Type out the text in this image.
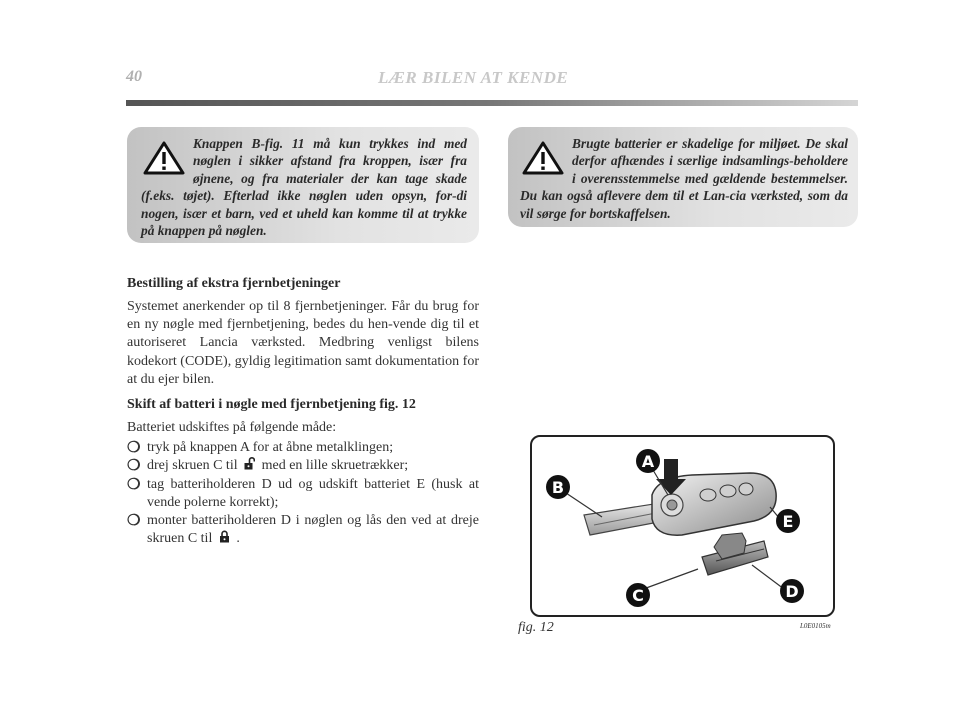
40	LÆR BILEN AT KENDE
Knappen B-fig. 11 må kun trykkes ind med nøglen i sikker afstand fra kroppen, især fra øjnene, og fra materialer der kan tage skade (f.eks. tøjet). Efterlad ikke nøglen uden opsyn, for-di nogen, især et barn, ved et uheld kan komme til at trykke på knappen på nøglen.
Brugte batterier er skadelige for miljøet. De skal derfor afhændes i særlige indsamlings-beholdere i overensstemmelse med gældende bestemmelser. Du kan også aflevere dem til et Lan-cia værksted, som da vil sørge for bortskaffelsen.
Bestilling af ekstra fjernbetjeninger
Systemet anerkender op til 8 fjernbetjeninger. Får du brug for en ny nøgle med fjernbetjening, bedes du hen-vende dig til et autoriseret Lancia værksted. Medbring venligst bilens kodekort (CODE), gyldig legitimation samt dokumentation for at du ejer bilen.
Skift af batteri i nøgle med fjernbetjening fig. 12
Batteriet udskiftes på følgende måde:
❍ tryk på knappen A for at åbne metalklingen;
❍ drej skruen C til med en lille skruetrækker;
❍ tag batteriholderen D ud og udskift batteriet E (husk at vende polerne korrekt);
❍ monter batteriholderen D i nøglen og lås den ved at dreje skruen C til .
A
B
C	D
E
fig. 12	L0E0105m
